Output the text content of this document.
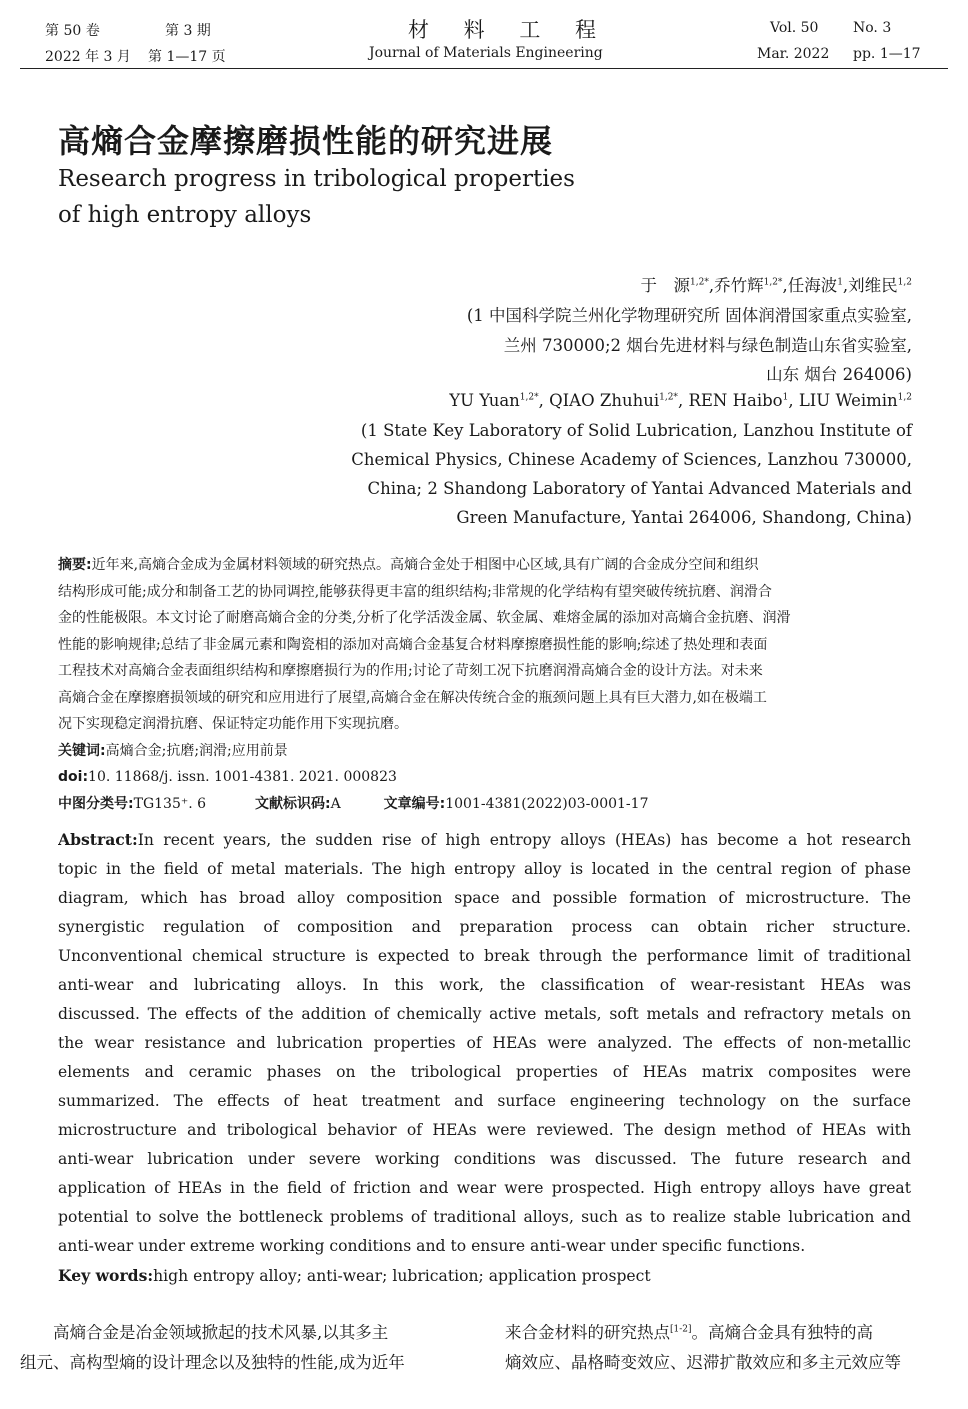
第 50 卷	第 3 期
2022 年 3 月 第 1—17 页
材 料 工 程
Journal of Materials Engineering
Vol. 50 No. 3
Mar. 2022 pp. 1—17
高熵合金摩擦磨损性能的研究进展
Research progress in tribological properties
of high entropy alloys
于　源$^{1,2*}$,乔竹辉$^{1,2*}$,任海波$^1$,刘维民$^{1,2}$
(1 中国科学院兰州化学物理研究所 固体润滑国家重点实验室,
兰州 730000;2 烟台先进材料与绿色制造山东省实验室,
山东 烟台 264006)
YU Yuan$^{1,2*}$, QIAO Zhuhui$^{1,2*}$, REN Haibo$^1$, LIU Weimin$^{1,2}$
(1 State Key Laboratory of Solid Lubrication, Lanzhou Institute of
Chemical Physics, Chinese Academy of Sciences, Lanzhou 730000,
China; 2 Shandong Laboratory of Yantai Advanced Materials and
Green Manufacture, Yantai 264006, Shandong, China)
摘要:近年来,高熵合金成为金属材料领域的研究热点。高熵合金处于相图中心区域,具有广阔的合金成分空间和组织
结构形成可能;成分和制备工艺的协同调控,能够获得更丰富的组织结构;非常规的化学结构有望突破传统抗磨、润滑合
金的性能极限。本文讨论了耐磨高熵合金的分类,分析了化学活泼金属、软金属、难熔金属的添加对高熵合金抗磨、润滑
性能的影响规律;总结了非金属元素和陶瓷相的添加对高熵合金基复合材料摩擦磨损性能的影响;综述了热处理和表面
工程技术对高熵合金表面组织结构和摩擦磨损行为的作用;讨论了苛刻工况下抗磨润滑高熵合金的设计方法。对未来
高熵合金在摩擦磨损领域的研究和应用进行了展望,高熵合金在解决传统合金的瓶颈问题上具有巨大潜力,如在极端工
况下实现稳定润滑抗磨、保证特定功能作用下实现抗磨。
关键词:高熵合金;抗磨;润滑;应用前景
doi:10. 11868/j. issn. 1001-4381. 2021. 000823
中图分类号:TG135⁺. 6	文献标识码:A	文章编号:1001-4381(2022)03-0001-17
Abstract:In recent years, the sudden rise of high entropy alloys (HEAs) has become a hot research
topic in the field of metal materials. The high entropy alloy is located in the central region of phase
diagram, which has broad alloy composition space and possible formation of microstructure. The
synergistic regulation of composition and preparation process can obtain richer structure.
Unconventional chemical structure is expected to break through the performance limit of traditional
anti-wear and lubricating alloys. In this work, the classification of wear-resistant HEAs was
discussed. The effects of the addition of chemically active metals, soft metals and refractory metals on
the wear resistance and lubrication properties of HEAs were analyzed. The effects of non-metallic
elements and ceramic phases on the tribological properties of HEAs matrix composites were
summarized. The effects of heat treatment and surface engineering technology on the surface
microstructure and tribological behavior of HEAs were reviewed. The design method of HEAs with
anti-wear lubrication under severe working conditions was discussed. The future research and
application of HEAs in the field of friction and wear were prospected. High entropy alloys have great
potential to solve the bottleneck problems of traditional alloys, such as to realize stable lubrication and
anti-wear under extreme working conditions and to ensure anti-wear under specific functions.
Key words:high entropy alloy; anti-wear; lubrication; application prospect
　　高熵合金是冶金领域掀起的技术风暴,以其多主
组元、高构型熵的设计理念以及独特的性能,成为近年
来合金材料的研究热点[1-2]。高熵合金具有独特的高
熵效应、晶格畸变效应、迟滞扩散效应和多主元效应等
